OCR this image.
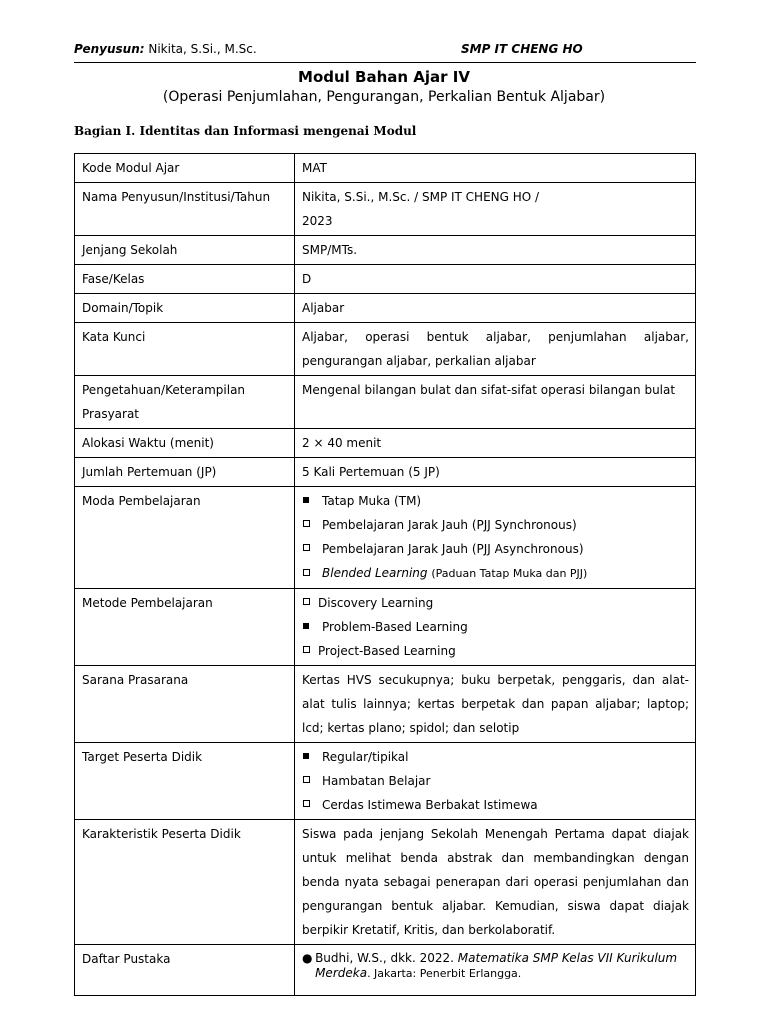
Penyusun: Nikita, S.Si., M.Sc.	SMP IT CHENG HO
Modul Bahan Ajar IV
(Operasi Penjumlahan, Pengurangan, Perkalian Bentuk Aljabar)
Bagian I. Identitas dan Informasi mengenai Modul
Kode Modul Ajar	MAT
Nama Penyusun/Institusi/Tahun	Nikita, S.Si., M.Sc. / SMP IT CHENG HO /
2023

Jenjang Sekolah	SMP/MTs.
Fase/Kelas	D
Domain/Topik	Aljabar
Kata Kunci	Aljabar, operasi bentuk aljabar, penjumlahan aljabar, pengurangan aljabar, perkalian aljabar
Pengetahuan/Keterampilan Prasyarat	Mengenal bilangan bulat dan sifat-sifat operasi bilangan bulat
Alokasi Waktu (menit)	2 × 40 menit
Jumlah Pertemuan (JP)	5 Kali Pertemuan (5 JP)
Moda Pembelajaran	Tatap Muka (TM)
Pembelajaran Jarak Jauh (PJJ Synchronous)
Pembelajaran Jarak Jauh (PJJ Asynchronous)
Blended Learning (Paduan Tatap Muka dan PJJ)

Metode Pembelajaran	Discovery Learning
Problem-Based Learning
Project-Based Learning

Sarana Prasarana	Kertas HVS secukupnya; buku berpetak, penggaris, dan alat-alat tulis lainnya; kertas berpetak dan papan aljabar; laptop; lcd; kertas plano; spidol; dan selotip
Target Peserta Didik	Regular/tipikal
Hambatan Belajar
Cerdas Istimewa Berbakat Istimewa

Karakteristik Peserta Didik	Siswa pada jenjang Sekolah Menengah Pertama dapat diajak untuk melihat benda abstrak dan membandingkan dengan benda nyata sebagai penerapan dari operasi penjumlahan dan pengurangan bentuk aljabar. Kemudian, siswa dapat diajak berpikir Kretatif, Kritis, dan berkolaboratif.
Daftar Pustaka	● Budhi, W.S., dkk. 2022. Matematika SMP Kelas VII Kurikulum Merdeka. Jakarta: Penerbit Erlangga.
